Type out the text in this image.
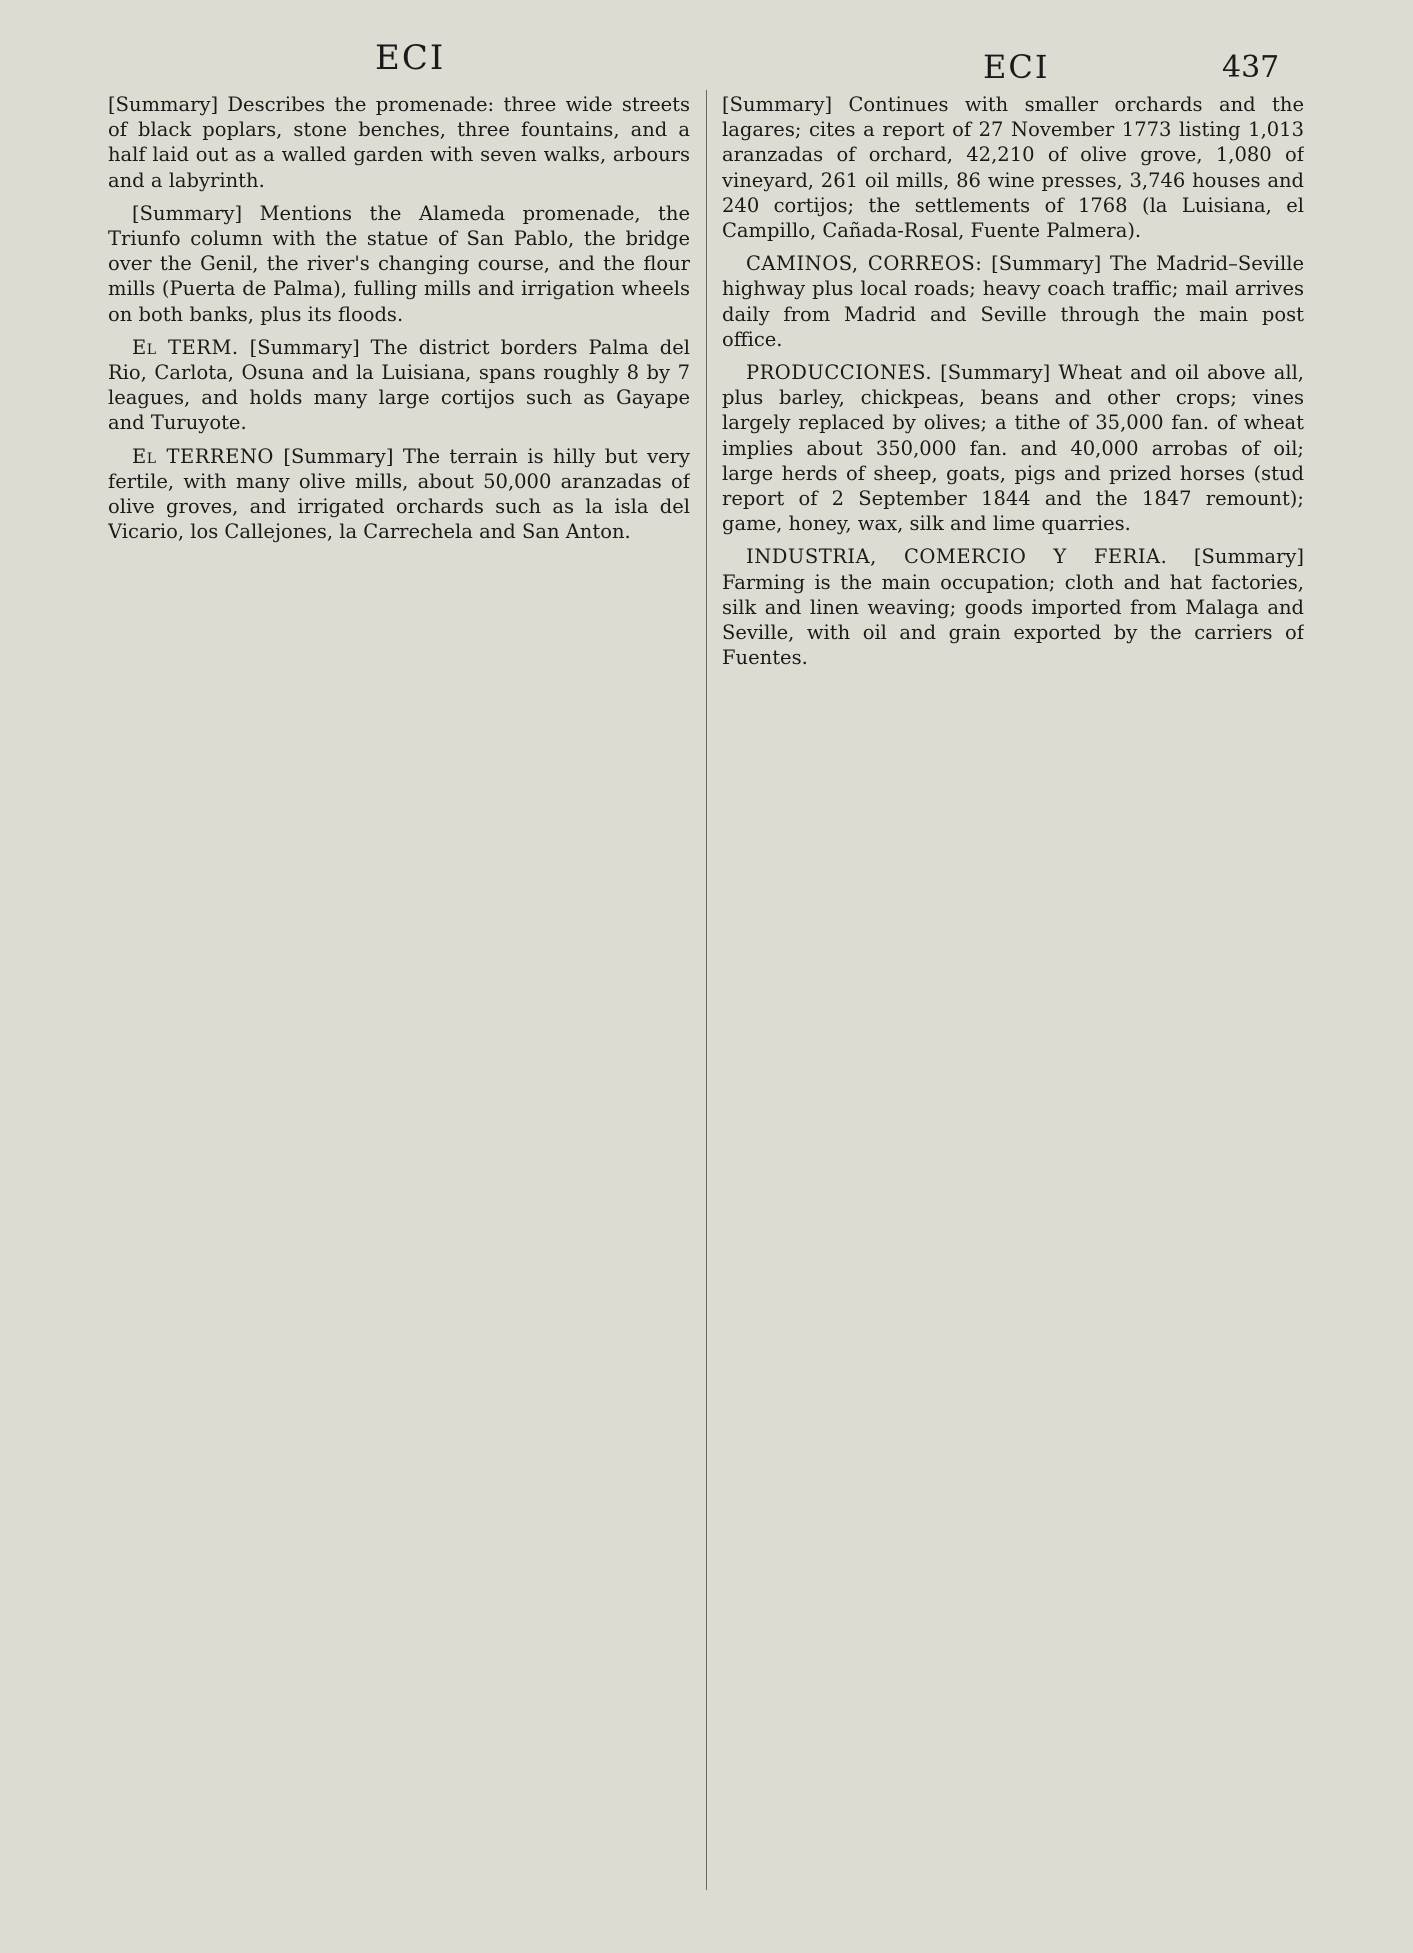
ECI	ECI	437

[Summary] Describes the promenade: three wide streets of black poplars, stone benches, three fountains, and a half laid out as a walled garden with seven walks, arbours and a labyrinth.

[Summary] Mentions the Alameda promenade, the Triunfo column with the statue of San Pablo, the bridge over the Genil, the river's changing course, and the flour mills (Puerta de Palma), fulling mills and irrigation wheels on both banks, plus its floods.

El TERM. [Summary] The district borders Palma del Rio, Carlota, Osuna and la Luisiana, spans roughly 8 by 7 leagues, and holds many large cortijos such as Gayape and Turuyote.

El TERRENO [Summary] The terrain is hilly but very fertile, with many olive mills, about 50,000 aranzadas of olive groves, and irrigated orchards such as la isla del Vicario, los Callejones, la Carrechela and San Anton.

[Summary] Continues with smaller orchards and the lagares; cites a report of 27 November 1773 listing 1,013 aranzadas of orchard, 42,210 of olive grove, 1,080 of vineyard, 261 oil mills, 86 wine presses, 3,746 houses and 240 cortijos; the settlements of 1768 (la Luisiana, el Campillo, Cañada-Rosal, Fuente Palmera).

CAMINOS, CORREOS: [Summary] The Madrid–Seville highway plus local roads; heavy coach traffic; mail arrives daily from Madrid and Seville through the main post office.

PRODUCCIONES. [Summary] Wheat and oil above all, plus barley, chickpeas, beans and other crops; vines largely replaced by olives; a tithe of 35,000 fan. of wheat implies about 350,000 fan. and 40,000 arrobas of oil; large herds of sheep, goats, pigs and prized horses (stud report of 2 September 1844 and the 1847 remount); game, honey, wax, silk and lime quarries.

INDUSTRIA, COMERCIO Y FERIA. [Summary] Farming is the main occupation; cloth and hat factories, silk and linen weaving; goods imported from Malaga and Seville, with oil and grain exported by the carriers of Fuentes.
